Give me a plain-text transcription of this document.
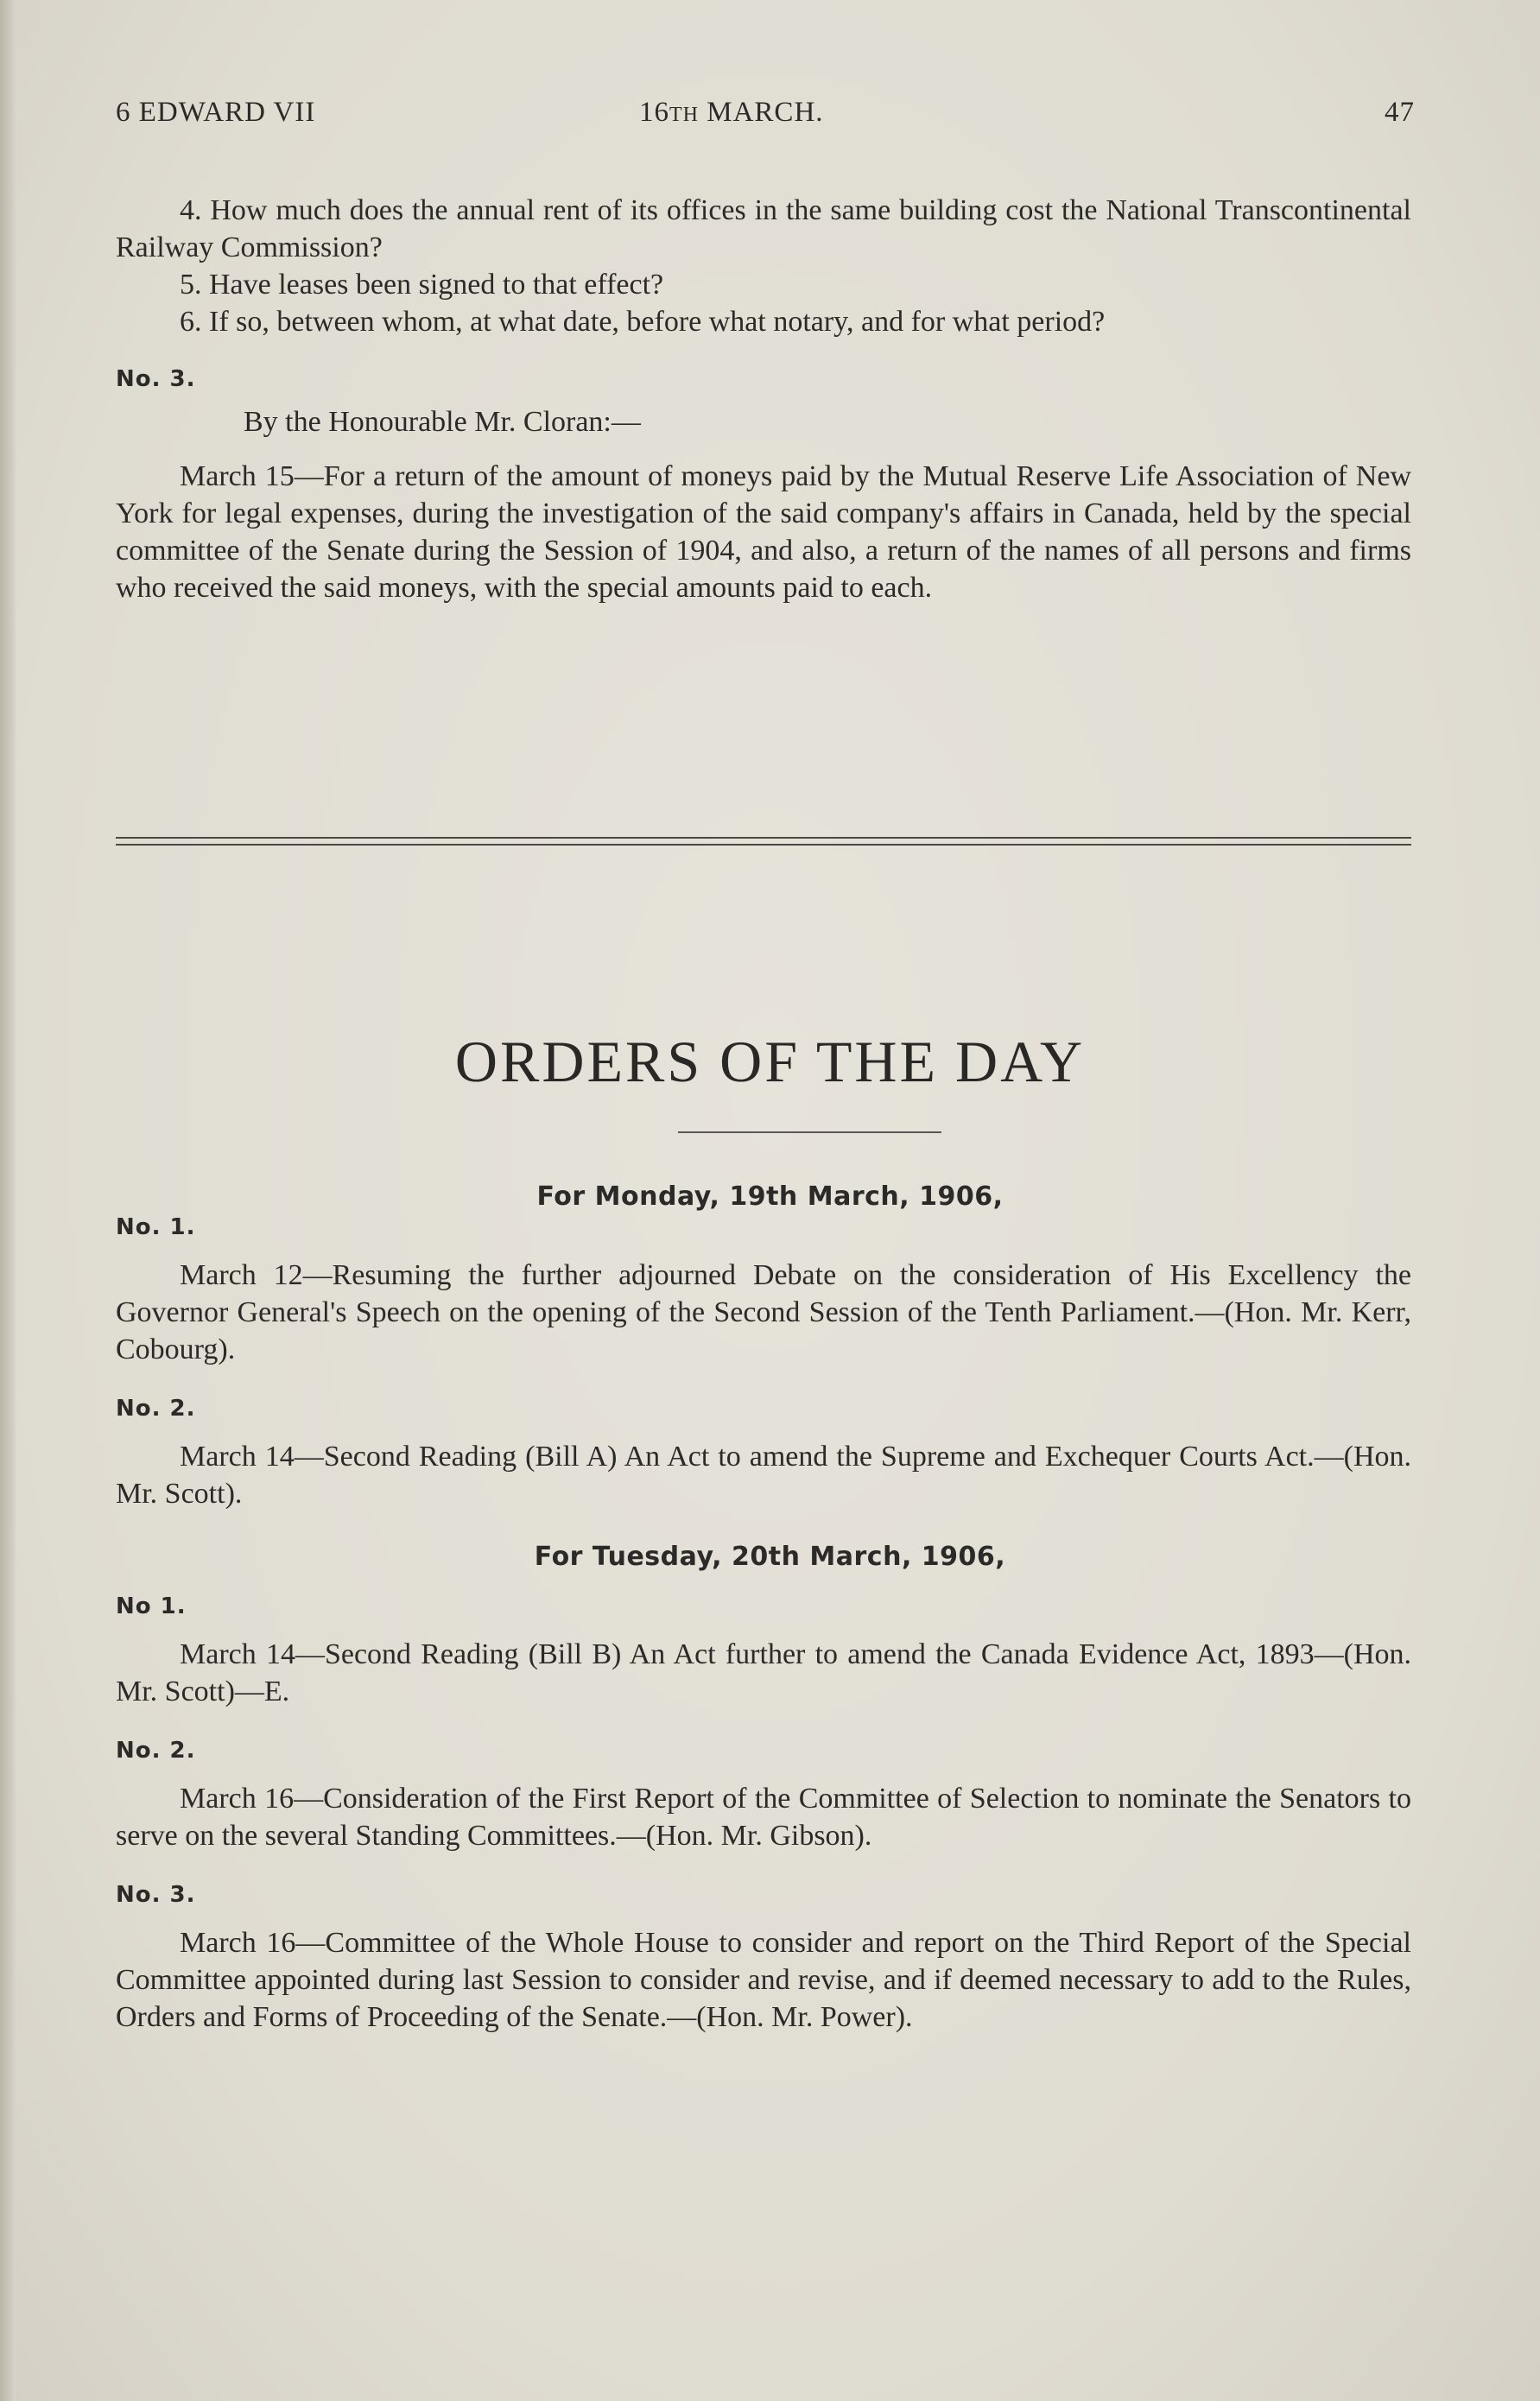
6 EDWARD VII	16TH MARCH.	47

4. How much does the annual rent of its offices in the same building cost the National Transcontinental Railway Commission?

5. Have leases been signed to that effect?

6. If so, between whom, at what date, before what notary, and for what period?

No. 3.

By the Honourable Mr. Cloran:—

March 15—For a return of the amount of moneys paid by the Mutual Reserve Life Association of New York for legal expenses, during the investigation of the said company's affairs in Canada, held by the special committee of the Senate during the Session of 1904, and also, a return of the names of all persons and firms who received the said moneys, with the special amounts paid to each.

ORDERS OF THE DAY
For Monday, 19th March, 1906,

No. 1.

March 12—Resuming the further adjourned Debate on the consideration of His Excellency the Governor General's Speech on the opening of the Second Session of the Tenth Parliament.—(Hon. Mr. Kerr, Cobourg).

No. 2.

March 14—Second Reading (Bill A) An Act to amend the Supreme and Exchequer Courts Act.—(Hon. Mr. Scott).

For Tuesday, 20th March, 1906,

No 1.

March 14—Second Reading (Bill B) An Act further to amend the Canada Evidence Act, 1893—(Hon. Mr. Scott)—E.

No. 2.

March 16—Consideration of the First Report of the Committee of Selection to nominate the Senators to serve on the several Standing Committees.—(Hon. Mr. Gibson).

No. 3.

March 16—Committee of the Whole House to consider and report on the Third Report of the Special Committee appointed during last Session to consider and revise, and if deemed necessary to add to the Rules, Orders and Forms of Proceeding of the Senate.—(Hon. Mr. Power).
